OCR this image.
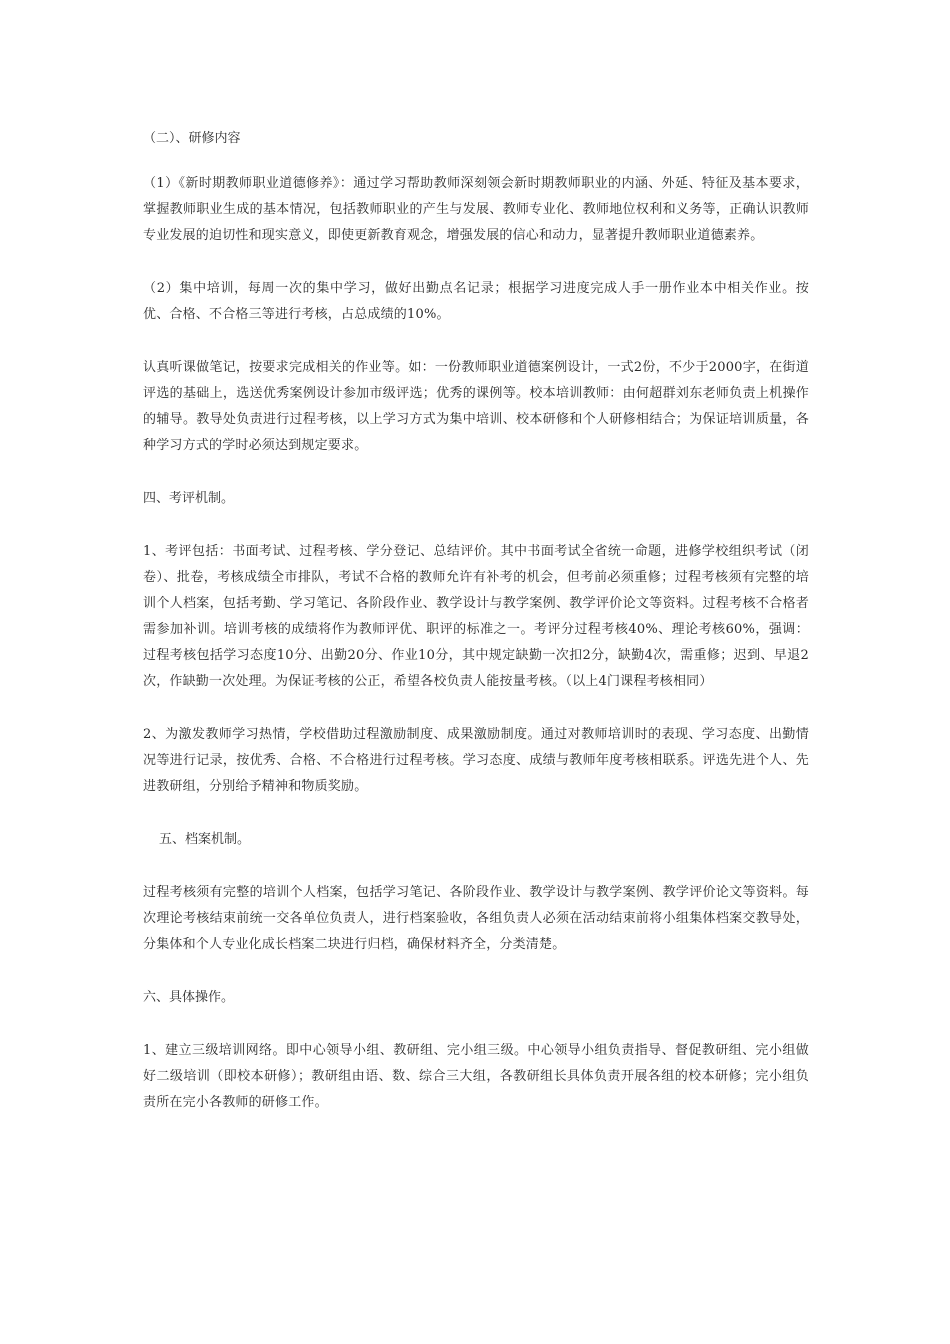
（二）、研修内容

（1）《新时期教师职业道德修养》：通过学习帮助教师深刻领会新时期教师职业的内涵、外延、特征及基本要求，掌握教师职业生成的基本情况，包括教师职业的产生与发展、教师专业化、教师地位权利和义务等，正确认识教师专业发展的迫切性和现实意义，即使更新教育观念，增强发展的信心和动力，显著提升教师职业道德素养。

（2）集中培训，每周一次的集中学习，做好出勤点名记录；根据学习进度完成人手一册作业本中相关作业。按优、合格、不合格三等进行考核，占总成绩的10%。

认真听课做笔记，按要求完成相关的作业等。如：一份教师职业道德案例设计，一式2份，不少于2000字，在街道评选的基础上，选送优秀案例设计参加市级评选；优秀的课例等。校本培训教师：由何超群刘东老师负责上机操作的辅导。教导处负责进行过程考核，以上学习方式为集中培训、校本研修和个人研修相结合；为保证培训质量，各种学习方式的学时必须达到规定要求。

四、考评机制。

1、考评包括：书面考试、过程考核、学分登记、总结评价。其中书面考试全省统一命题，进修学校组织考试（闭卷）、批卷，考核成绩全市排队，考试不合格的教师允许有补考的机会，但考前必须重修；过程考核须有完整的培训个人档案，包括考勤、学习笔记、各阶段作业、教学设计与教学案例、教学评价论文等资料。过程考核不合格者需参加补训。培训考核的成绩将作为教师评优、职评的标准之一。考评分过程考核40%、理论考核60%，强调：过程考核包括学习态度10分、出勤20分、作业10分，其中规定缺勤一次扣2分，缺勤4次，需重修；迟到、早退2次，作缺勤一次处理。为保证考核的公正，希望各校负责人能按量考核。（以上4门课程考核相同）

2、为激发教师学习热情，学校借助过程激励制度、成果激励制度。通过对教师培训时的表现、学习态度、出勤情况等进行记录，按优秀、合格、不合格进行过程考核。学习态度、成绩与教师年度考核相联系。评选先进个人、先进教研组，分别给予精神和物质奖励。

五、档案机制。

过程考核须有完整的培训个人档案，包括学习笔记、各阶段作业、教学设计与教学案例、教学评价论文等资料。每次理论考核结束前统一交各单位负责人，进行档案验收，各组负责人必须在活动结束前将小组集体档案交教导处，分集体和个人专业化成长档案二块进行归档，确保材料齐全，分类清楚。

六、具体操作。

1、建立三级培训网络。即中心领导小组、教研组、完小组三级。中心领导小组负责指导、督促教研组、完小组做好二级培训（即校本研修）；教研组由语、数、综合三大组，各教研组长具体负责开展各组的校本研修；完小组负责所在完小各教师的研修工作。
